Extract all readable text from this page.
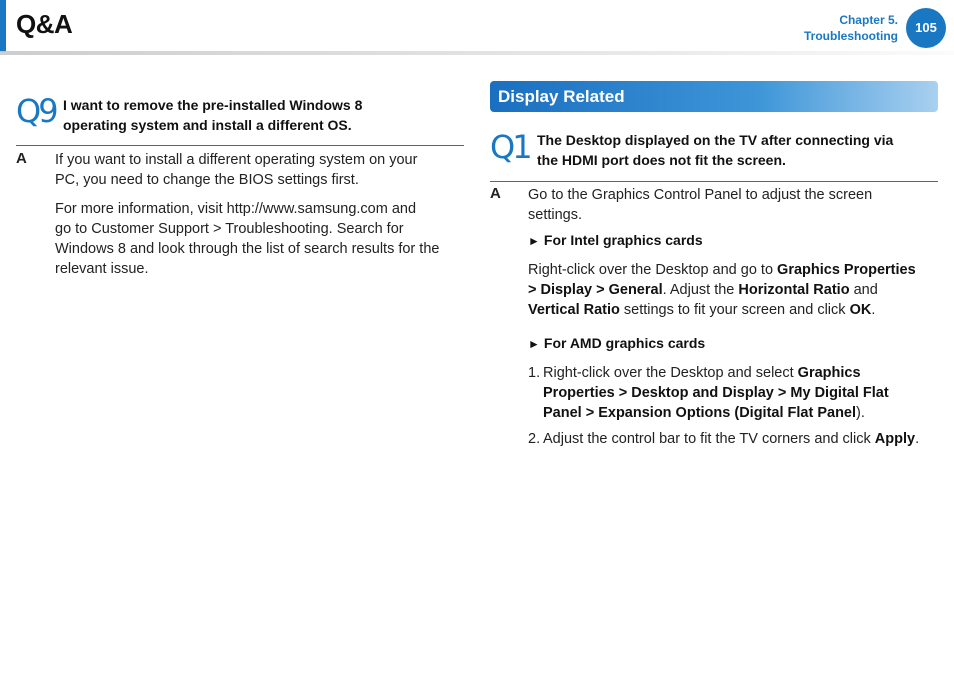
Q&A	Chapter 5.
Troubleshooting
105
Q9 I want to remove the pre-installed Windows 8
operating system and install a different OS.
A If you want to install a different operating system on your
PC, you need to change the BIOS settings first.
For more information, visit http://www.samsung.com and
go to Customer Support > Troubleshooting. Search for
Windows 8 and look through the list of search results for the
relevant issue.
Display Related
Q1 The Desktop displayed on the TV after connecting via
the HDMI port does not fit the screen.
A Go to the Graphics Control Panel to adjust the screen
settings.
► For Intel graphics cards
Right-click over the Desktop and go to Graphics Properties
> Display > General. Adjust the Horizontal Ratio and
Vertical Ratio settings to fit your screen and click OK.
► For AMD graphics cards
1. Right-click over the Desktop and select Graphics
Properties > Desktop and Display > My Digital Flat
Panel > Expansion Options (Digital Flat Panel).
2. Adjust the control bar to fit the TV corners and click Apply.
